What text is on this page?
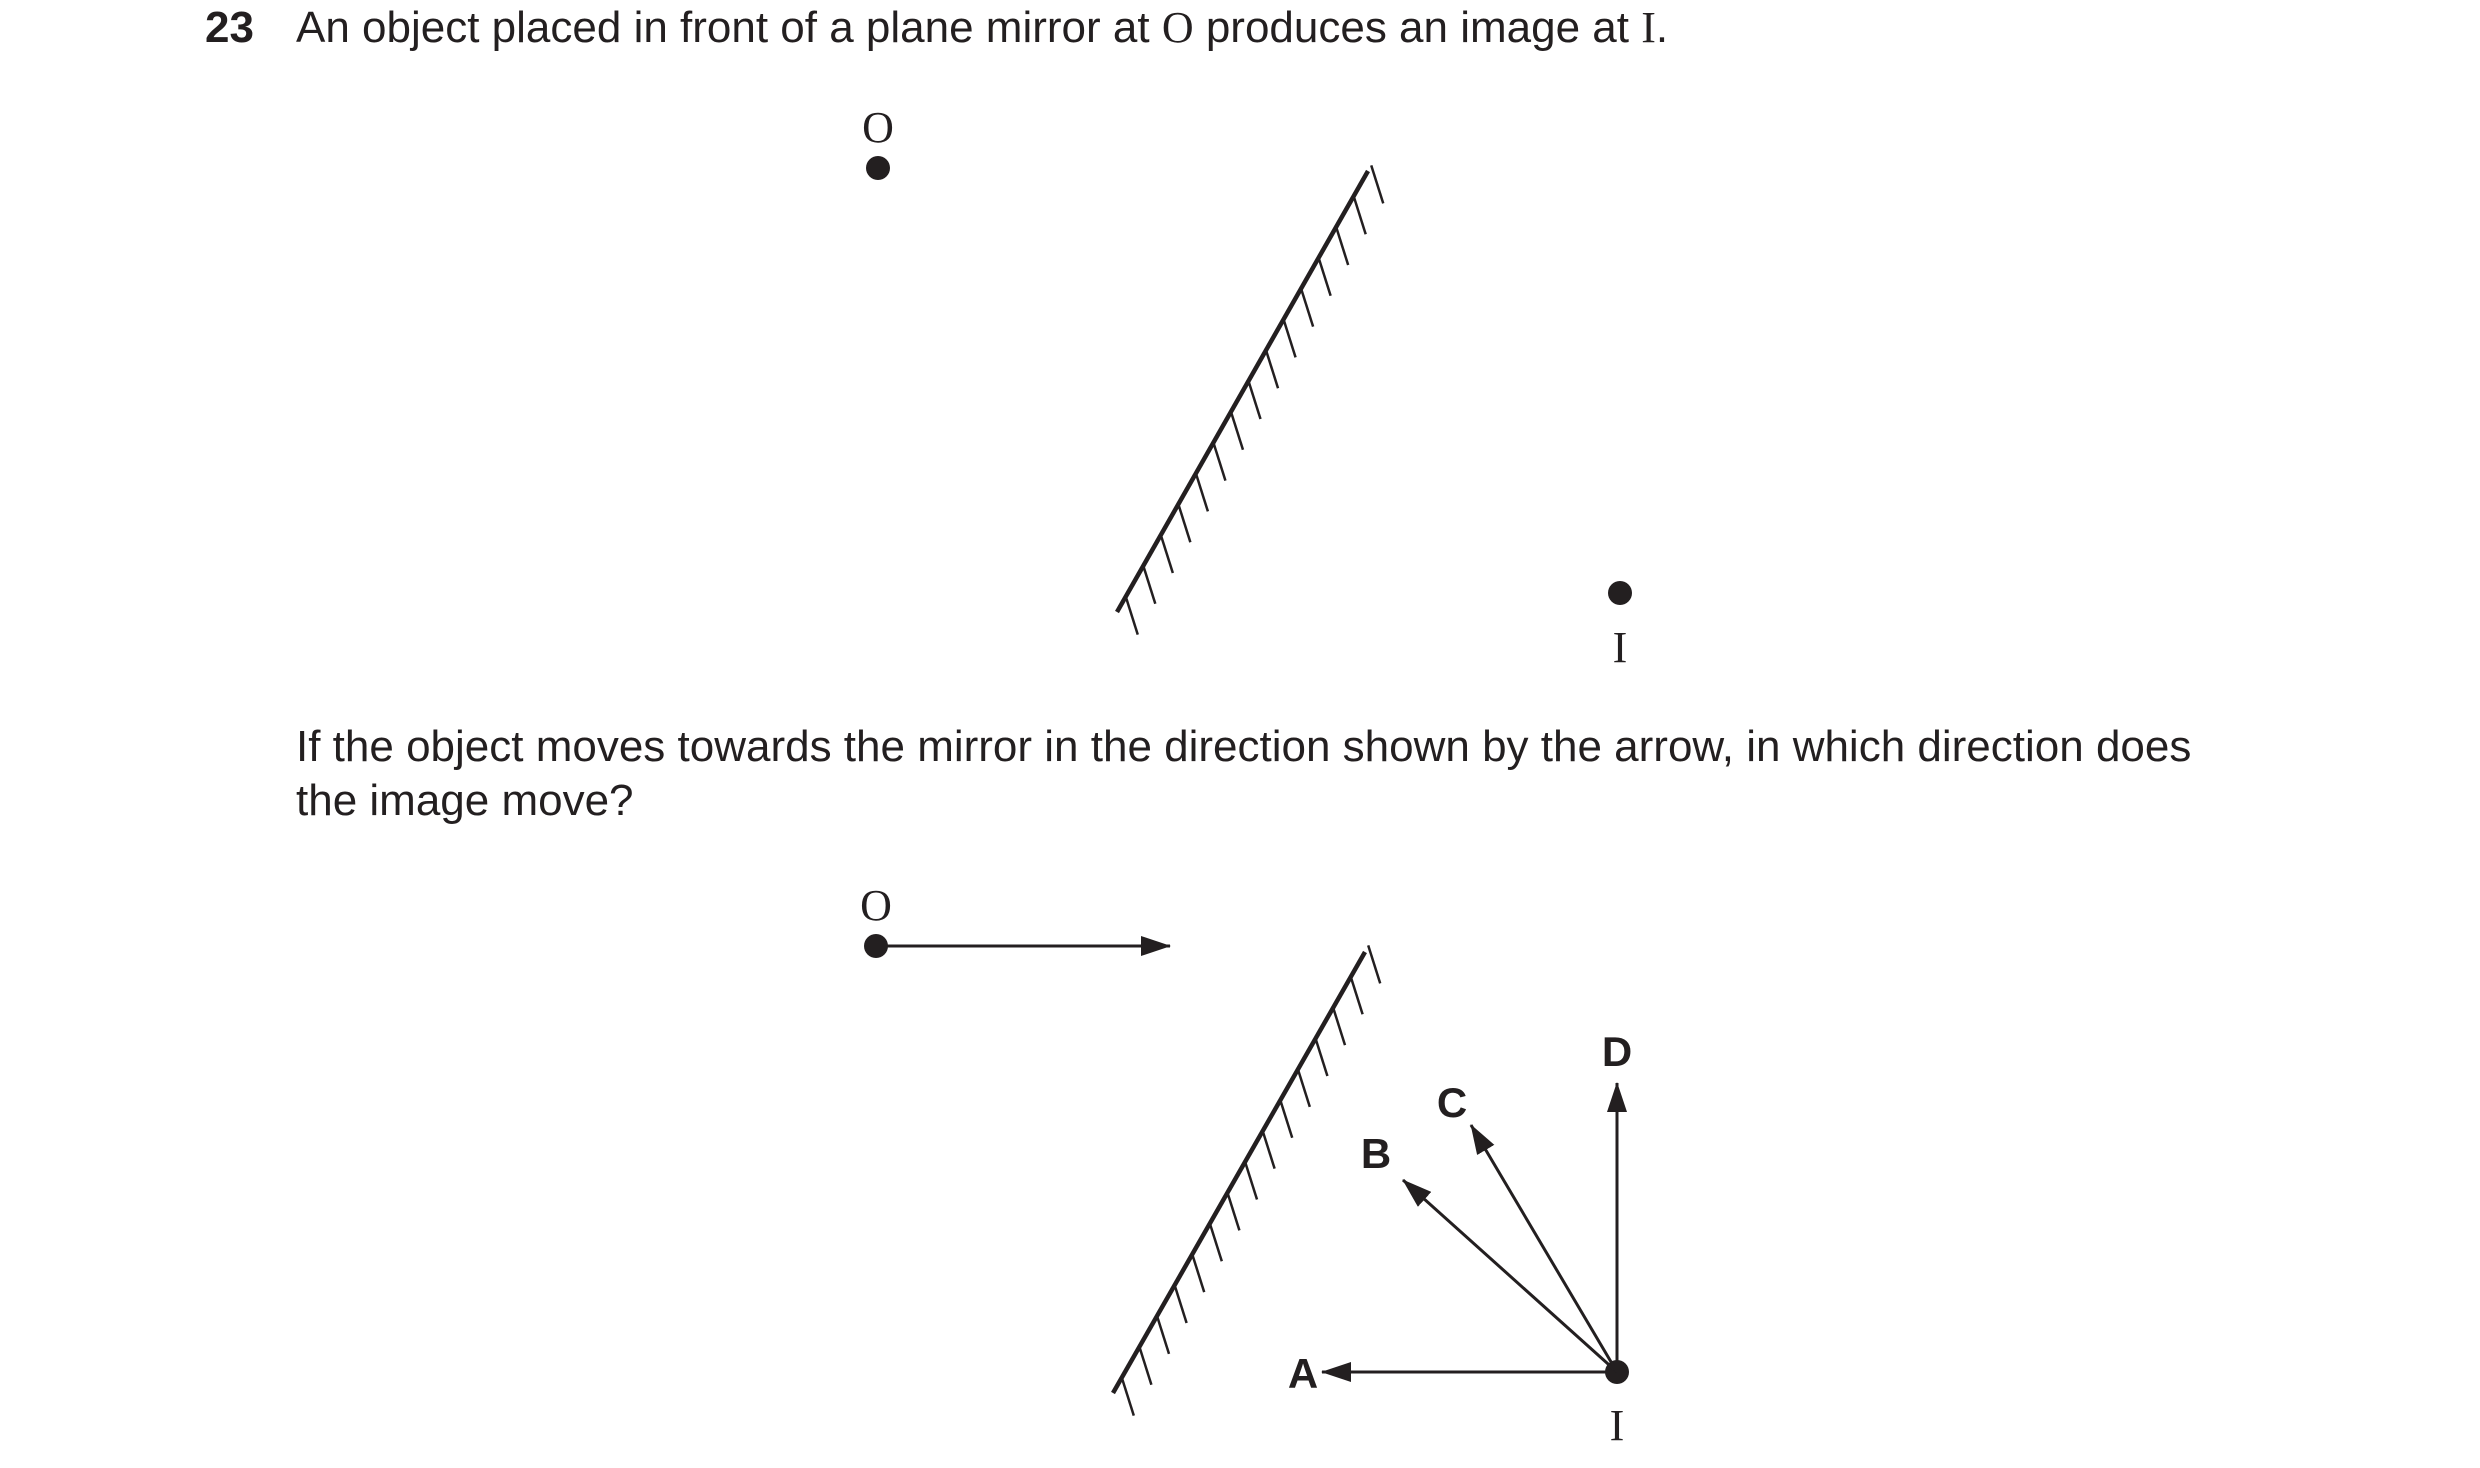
23 An object placed in front of a plane mirror at O produces an image at I.
O
I
O
I
A
B
C
D

If the object moves towards the mirror in the direction shown by the arrow, in which direction does

the image move?
